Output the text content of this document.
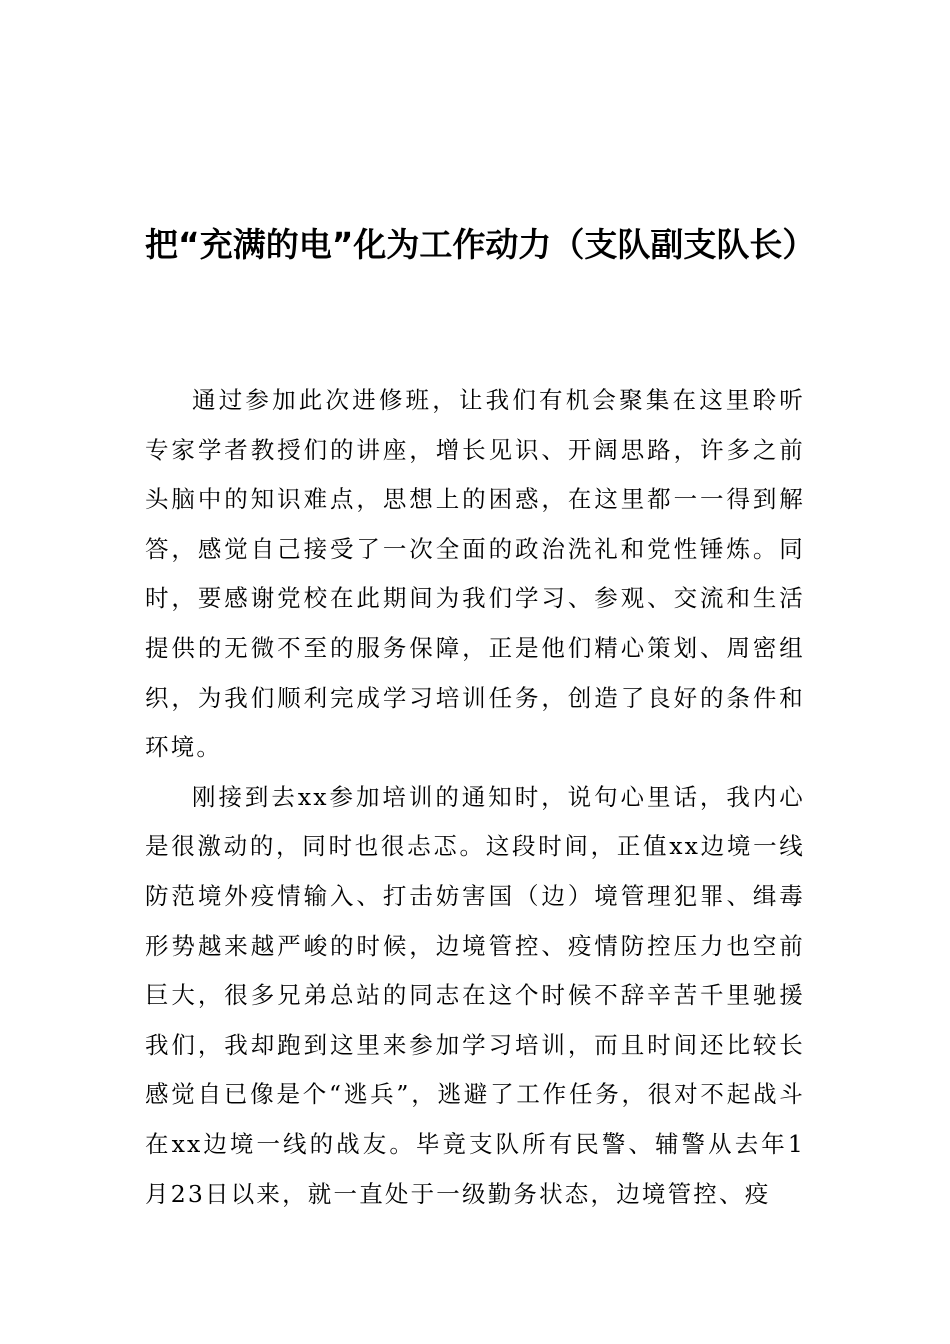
把“充满的电”化为工作动力（支队副支队长）

通过参加此次进修班，让我们有机会聚集在这里聆听专家学者教授们的讲座，增长见识、开阔思路，许多之前头脑中的知识难点，思想上的困惑，在这里都一一得到解答，感觉自己接受了一次全面的政治洗礼和党性锤炼。同时，要感谢党校在此期间为我们学习、参观、交流和生活提供的无微不至的服务保障，正是他们精心策划、周密组织，为我们顺利完成学习培训任务，创造了良好的条件和环境。

刚接到去xx参加培训的通知时，说句心里话，我内心是很激动的，同时也很忐忑。这段时间，正值xx边境一线防范境外疫情输入、打击妨害国（边）境管理犯罪、缉毒形势越来越严峻的时候，边境管控、疫情防控压力也空前巨大，很多兄弟总站的同志在这个时候不辞辛苦千里驰援我们，我却跑到这里来参加学习培训，而且时间还比较长感觉自已像是个“逃兵”，逃避了工作任务，很对不起战斗在xx边境一线的战友。毕竟支队所有民警、辅警从去年1月23日以来，就一直处于一级勤务状态，边境管控、疫
